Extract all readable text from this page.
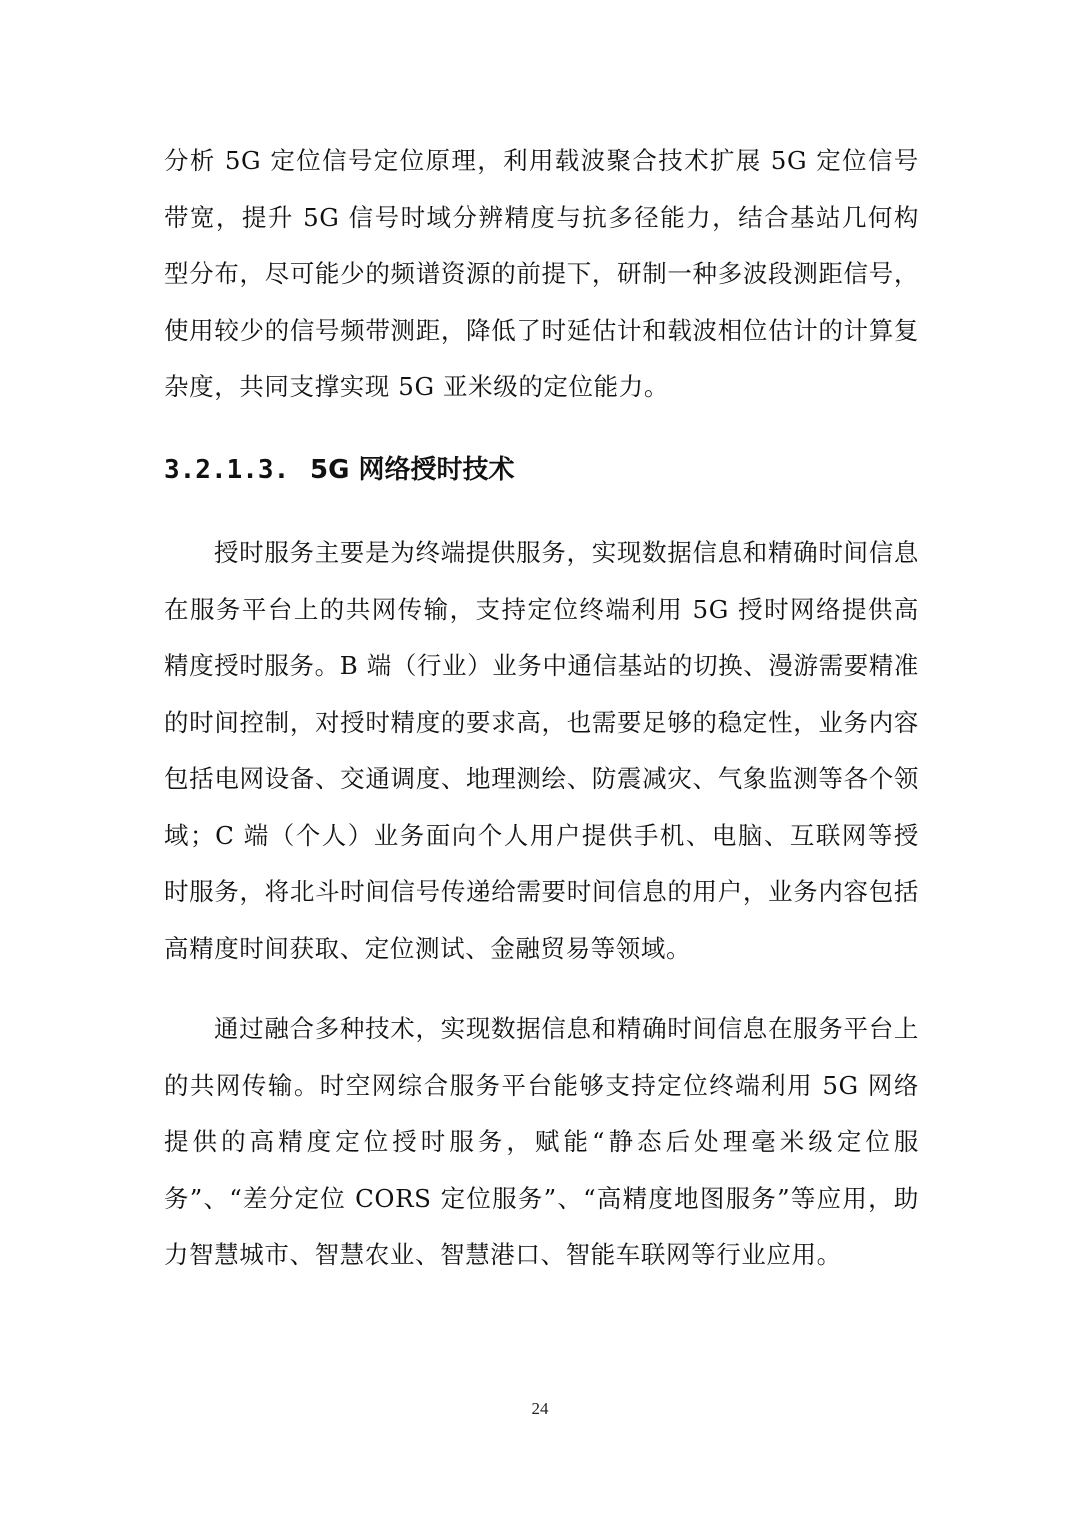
分析 5G 定位信号定位原理，利用载波聚合技术扩展 5G 定位信号带宽，提升 5G 信号时域分辨精度与抗多径能力，结合基站几何构型分布，尽可能少的频谱资源的前提下，研制一种多波段测距信号，使用较少的信号频带测距，降低了时延估计和载波相位估计的计算复杂度，共同支撑实现 5G 亚米级的定位能力。

3.2.1.3. 5G 网络授时技术

授时服务主要是为终端提供服务，实现数据信息和精确时间信息在服务平台上的共网传输，支持定位终端利用 5G 授时网络提供高精度授时服务。B 端（行业）业务中通信基站的切换、漫游需要精准的时间控制，对授时精度的要求高，也需要足够的稳定性，业务内容包括电网设备、交通调度、地理测绘、防震减灾、气象监测等各个领域；C 端（个人）业务面向个人用户提供手机、电脑、互联网等授时服务，将北斗时间信号传递给需要时间信息的用户，业务内容包括高精度时间获取、定位测试、金融贸易等领域。

通过融合多种技术，实现数据信息和精确时间信息在服务平台上的共网传输。时空网综合服务平台能够支持定位终端利用 5G 网络提供的高精度定位授时服务，赋能“静态后处理毫米级定位服务”、“差分定位 CORS 定位服务”、“高精度地图服务”等应用，助力智慧城市、智慧农业、智慧港口、智能车联网等行业应用。

24
